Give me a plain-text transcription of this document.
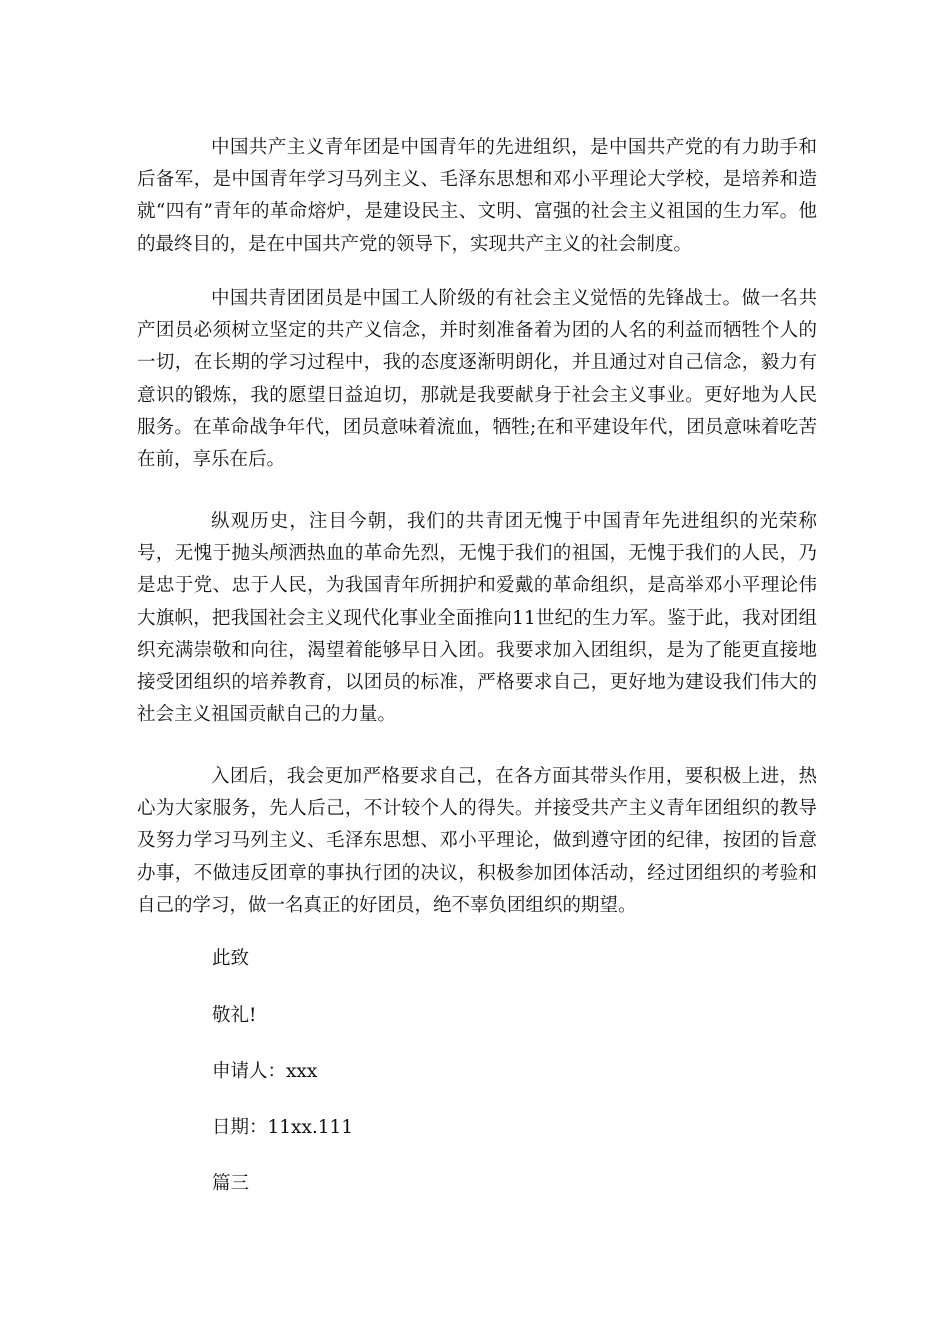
中国共产主义青年团是中国青年的先进组织，是中国共产党的有力助手和后备军，是中国青年学习马列主义、毛泽东思想和邓小平理论大学校，是培养和造就“四有”青年的革命熔炉，是建设民主、文明、富强的社会主义祖国的生力军。他的最终目的，是在中国共产党的领导下，实现共产主义的社会制度。

中国共青团团员是中国工人阶级的有社会主义觉悟的先锋战士。做一名共产团员必须树立坚定的共产义信念，并时刻准备着为团的人名的利益而牺牲个人的一切，在长期的学习过程中，我的态度逐渐明朗化，并且通过对自己信念，毅力有意识的锻炼，我的愿望日益迫切，那就是我要献身于社会主义事业。更好地为人民服务。在革命战争年代，团员意味着流血，牺牲;在和平建设年代，团员意味着吃苦在前，享乐在后。

纵观历史，注目今朝，我们的共青团无愧于中国青年先进组织的光荣称号，无愧于抛头颅洒热血的革命先烈，无愧于我们的祖国，无愧于我们的人民，乃是忠于党、忠于人民，为我国青年所拥护和爱戴的革命组织，是高举邓小平理论伟大旗帜，把我国社会主义现代化事业全面推向11世纪的生力军。鉴于此，我对团组织充满崇敬和向往，渴望着能够早日入团。我要求加入团组织，是为了能更直接地接受团组织的培养教育，以团员的标准，严格要求自己，更好地为建设我们伟大的社会主义祖国贡献自己的力量。

入团后，我会更加严格要求自己，在各方面其带头作用，要积极上进，热心为大家服务，先人后己，不计较个人的得失。并接受共产主义青年团组织的教导及努力学习马列主义、毛泽东思想、邓小平理论，做到遵守团的纪律，按团的旨意办事，不做违反团章的事执行团的决议，积极参加团体活动，经过团组织的考验和自己的学习，做一名真正的好团员，绝不辜负团组织的期望。

此致

敬礼!

申请人：xxx

日期：11xx.111

篇三
